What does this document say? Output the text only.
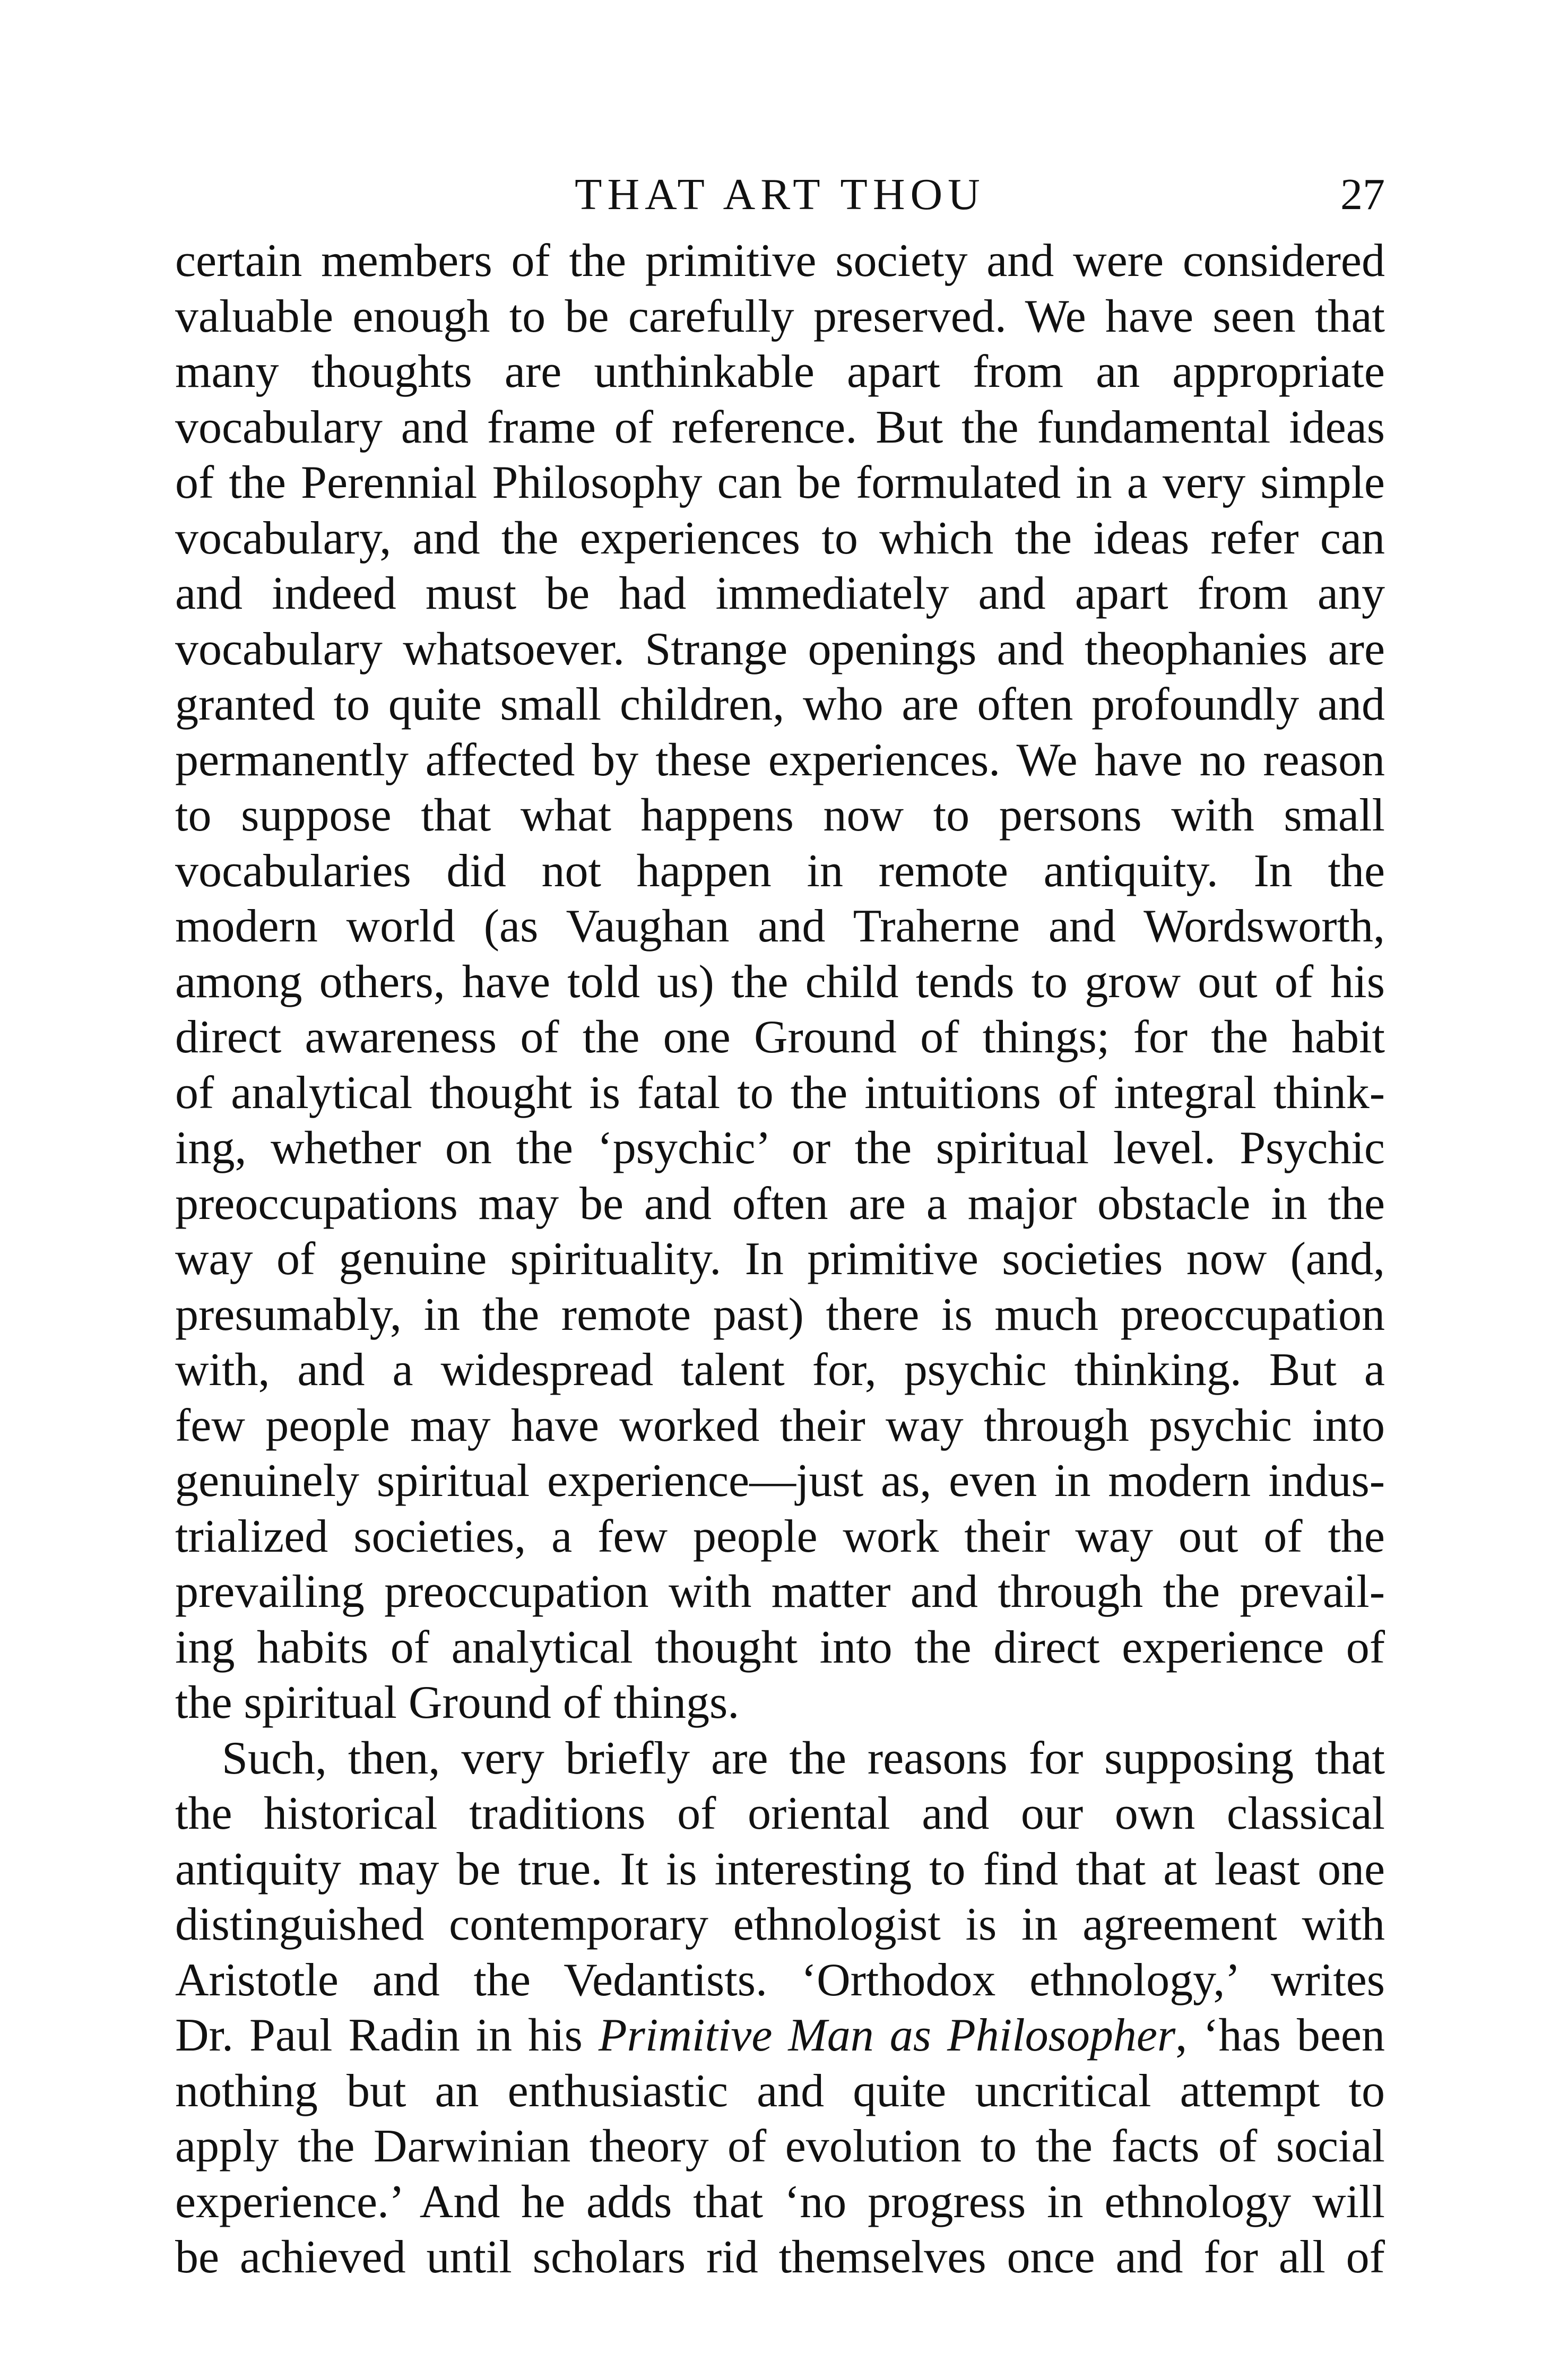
THAT ART THOU	27
certain members of the primitive society and were considered
valuable enough to be carefully preserved. We have seen that
many thoughts are unthinkable apart from an appropriate
vocabulary and frame of reference. But the fundamental ideas
of the Perennial Philosophy can be formulated in a very simple
vocabulary, and the experiences to which the ideas refer can
and indeed must be had immediately and apart from any
vocabulary whatsoever. Strange openings and theophanies are
granted to quite small children, who are often profoundly and
permanently affected by these experiences. We have no reason
to suppose that what happens now to persons with small
vocabularies did not happen in remote antiquity. In the
modern world (as Vaughan and Traherne and Wordsworth,
among others, have told us) the child tends to grow out of his
direct awareness of the one Ground of things; for the habit
of analytical thought is fatal to the intuitions of integral think-
ing, whether on the ‘psychic’ or the spiritual level. Psychic
preoccupations may be and often are a major obstacle in the
way of genuine spirituality. In primitive societies now (and,
presumably, in the remote past) there is much preoccupation
with, and a widespread talent for, psychic thinking. But a
few people may have worked their way through psychic into
genuinely spiritual experience—just as, even in modern indus-
trialized societies, a few people work their way out of the
prevailing preoccupation with matter and through the prevail-
ing habits of analytical thought into the direct experience of
the spiritual Ground of things.
Such, then, very briefly are the reasons for supposing that
the historical traditions of oriental and our own classical
antiquity may be true. It is interesting to find that at least one
distinguished contemporary ethnologist is in agreement with
Aristotle and the Vedantists. ‘Orthodox ethnology,’ writes
Dr. Paul Radin in his Primitive Man as Philosopher, ‘has been
nothing but an enthusiastic and quite uncritical attempt to
apply the Darwinian theory of evolution to the facts of social
experience.’ And he adds that ‘no progress in ethnology will
be achieved until scholars rid themselves once and for all of
